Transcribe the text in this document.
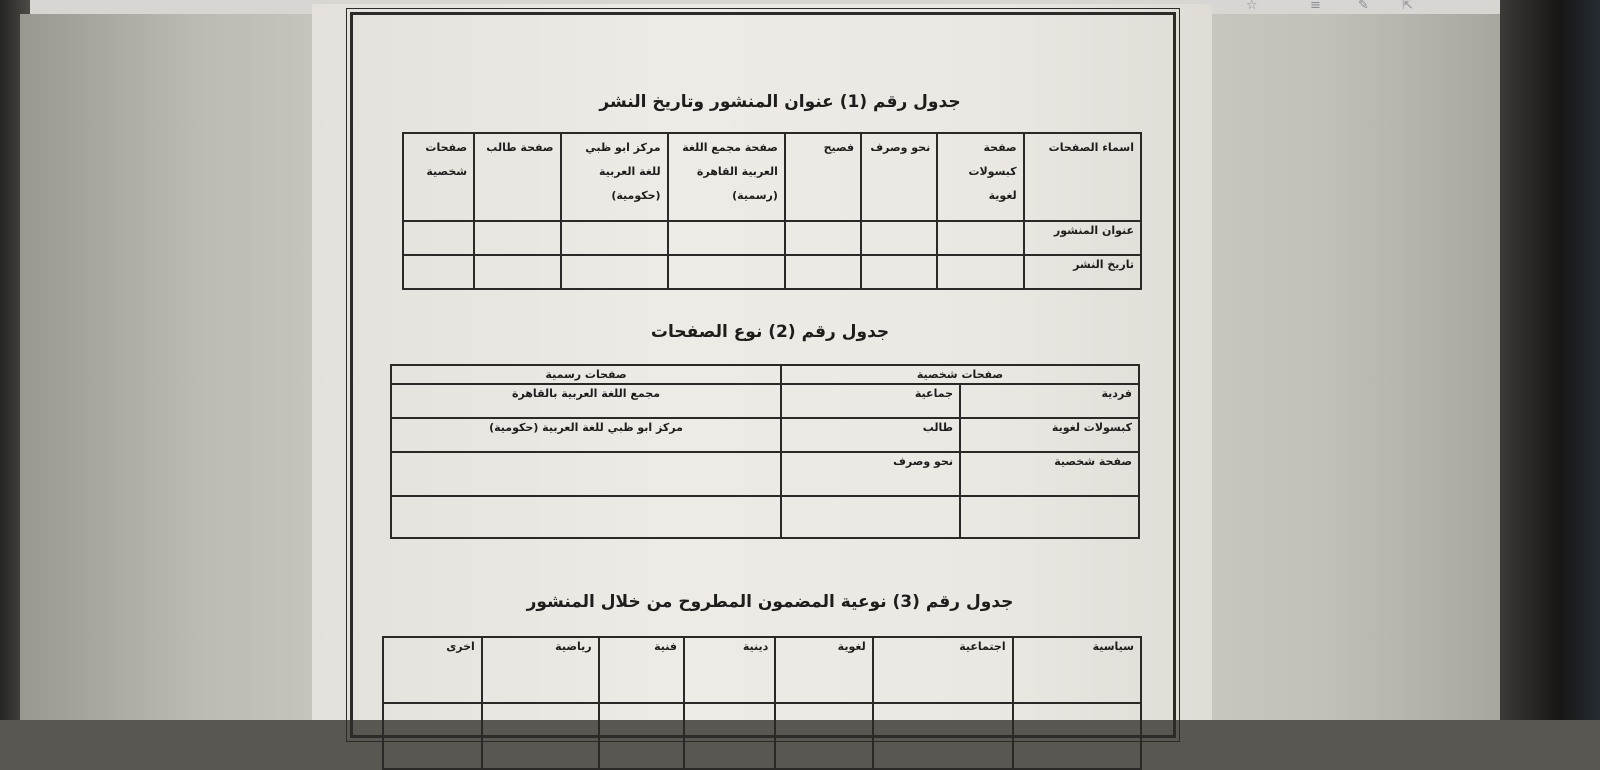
☆	≡	✎	⇱
جدول رقم (1) عنوان المنشور وتاريخ النشر
اسماء الصفحات	صفحة كبسولات لغوية	نحو وصرف	فصيح	صفحة مجمع اللغة العربية القاهرة (رسمية)	مركز ابو ظبي للغة العربية (حكومية)	صفحة طالب	صفحات شخصية
عنوان المنشور							
تاريخ النشر							
جدول رقم (2) نوع الصفحات
صفحات شخصية		صفحات رسمية
فردية	جماعية	مجمع اللغة العربية بالقاهرة
كبسولات لغوية	طالب	مركز ابو ظبي للغة العربية (حكومية)
صفحة شخصية	نحو وصرف	

جدول رقم (3) نوعية المضمون المطروح من خلال المنشور
سياسية	اجتماعية	لغوية	دينية	فنية	رياضية	اخرى
